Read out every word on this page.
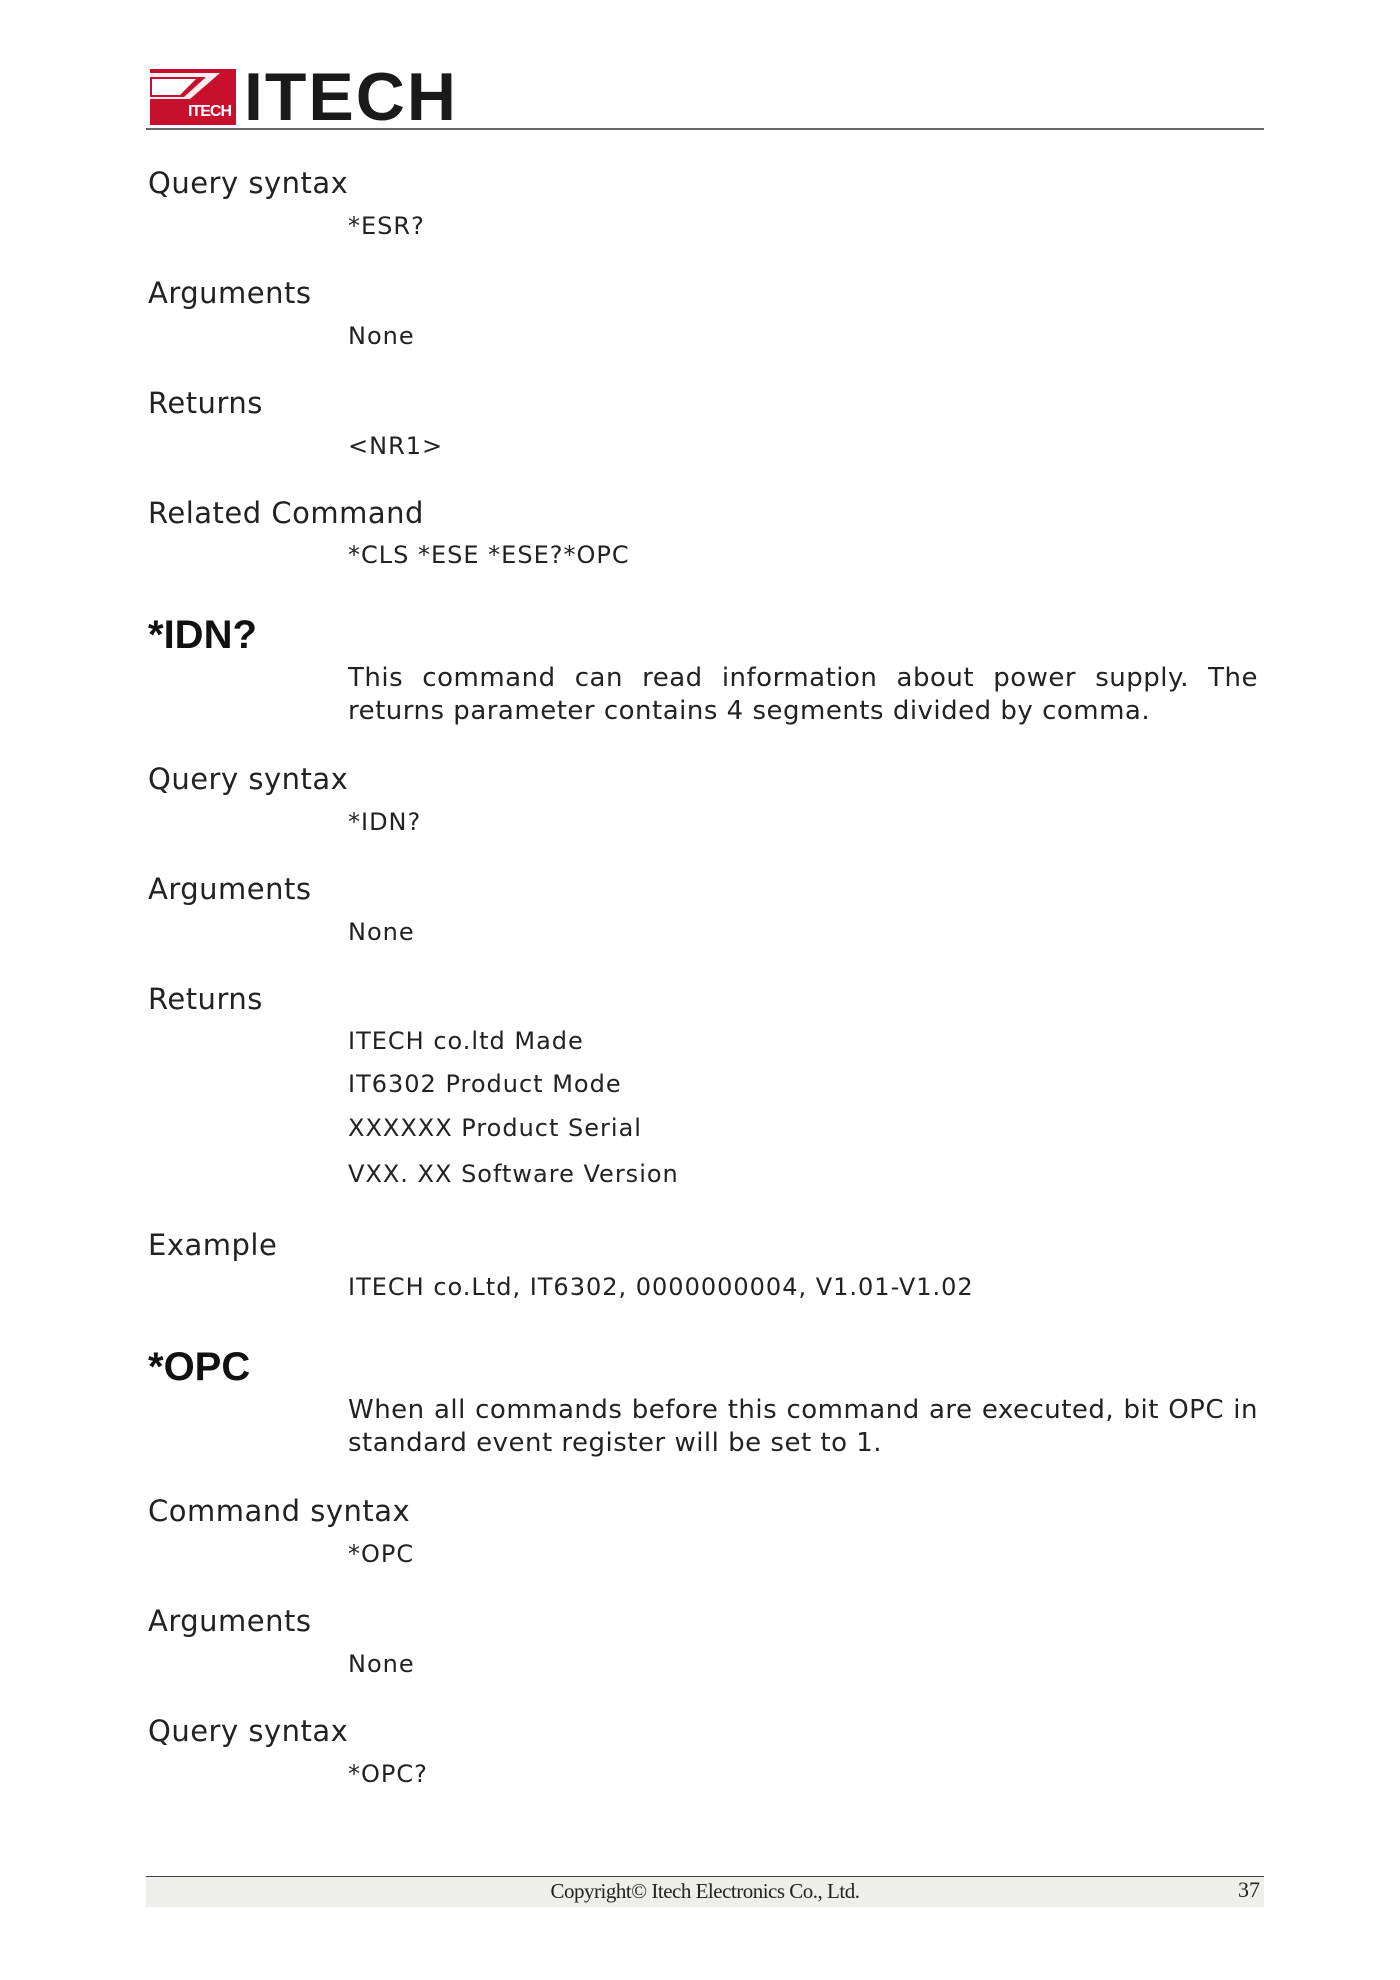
ITECH ITECH
Query syntax
*ESR?
Arguments
None
Returns
<NR1>
Related Command
*CLS *ESE *ESE?*OPC
*IDN?
This command can read information about power supply. The returns parameter contains 4 segments divided by comma.
Query syntax
*IDN?
Arguments
None
Returns
ITECH co.ltd Made
IT6302 Product Mode
XXXXXX Product Serial
VXX. XX Software Version
Example
ITECH co.Ltd, IT6302, 0000000004, V1.01-V1.02
*OPC
When all commands before this command are executed, bit OPC in standard event register will be set to 1.
Command syntax
*OPC
Arguments
None
Query syntax
*OPC?
Copyright© Itech Electronics Co., Ltd.	37
